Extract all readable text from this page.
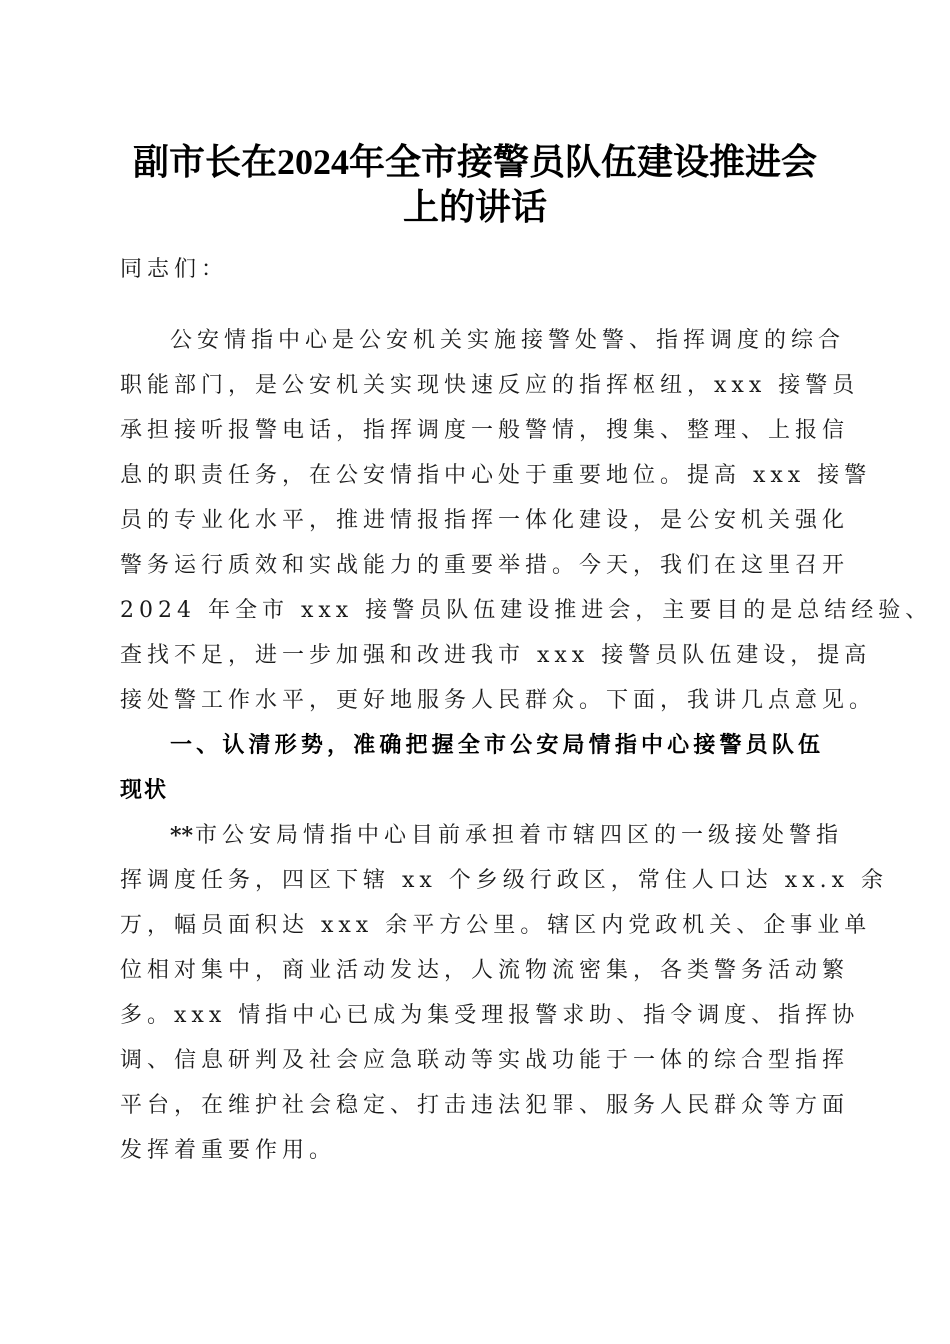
副市长在2024年全市接警员队伍建设推进会
上的讲话
同志们：
公安情指中心是公安机关实施接警处警、指挥调度的综合
职能部门，是公安机关实现快速反应的指挥枢纽，xxx 接警员
承担接听报警电话，指挥调度一般警情，搜集、整理、上报信
息的职责任务，在公安情指中心处于重要地位。提高 xxx 接警
员的专业化水平，推进情报指挥一体化建设，是公安机关强化
警务运行质效和实战能力的重要举措。今天，我们在这里召开
2024 年全市 xxx 接警员队伍建设推进会，主要目的是总结经验、
查找不足，进一步加强和改进我市 xxx 接警员队伍建设，提高
接处警工作水平，更好地服务人民群众。下面，我讲几点意见。
一、认清形势，准确把握全市公安局情指中心接警员队伍
现状
** 市公安局情指中心目前承担着市辖四区的一级接处警指
挥调度任务，四区下辖 xx 个乡级行政区，常住人口达 xx.x 余
万，幅员面积达 xxx 余平方公里。辖区内党政机关、企事业单
位相对集中，商业活动发达，人流物流密集，各类警务活动繁
多。xxx 情指中心已成为集受理报警求助、指令调度、指挥协
调、信息研判及社会应急联动等实战功能于一体的综合型指挥
平台，在维护社会稳定、打击违法犯罪、服务人民群众等方面
发挥着重要作用。
